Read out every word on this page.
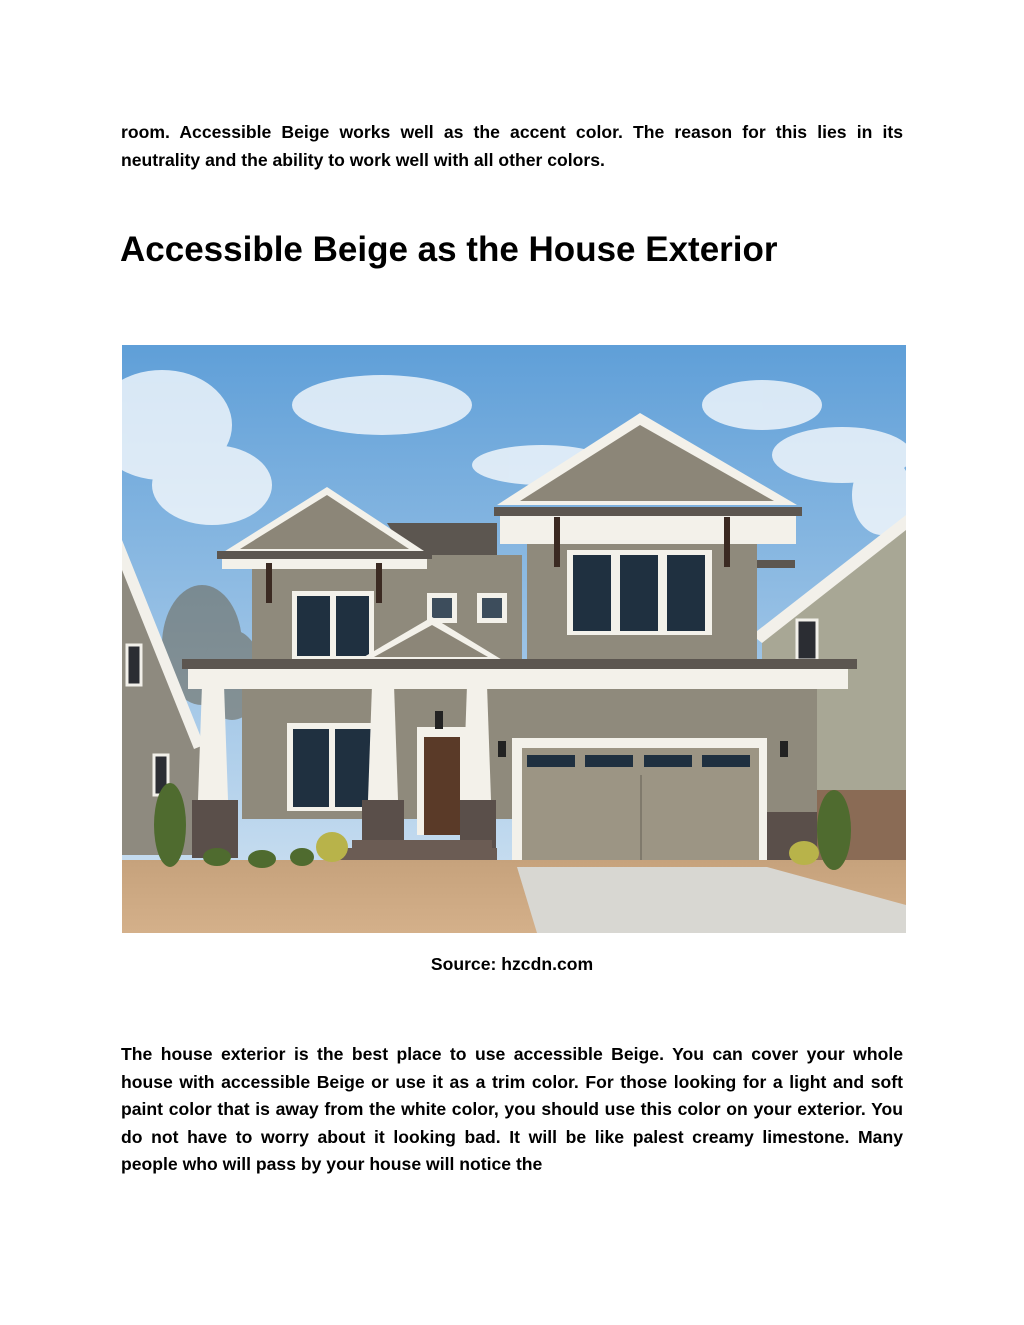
room. Accessible Beige works well as the accent color. The reason for this lies in its neutrality and the ability to work well with all other colors.

Accessible Beige as the House Exterior

Source: hzcdn.com

The house exterior is the best place to use accessible Beige. You can cover your whole house with accessible Beige or use it as a trim color. For those looking for a light and soft paint color that is away from the white color, you should use this color on your exterior. You do not have to worry about it looking bad. It will be like palest creamy limestone. Many people who will pass by your house will notice the
